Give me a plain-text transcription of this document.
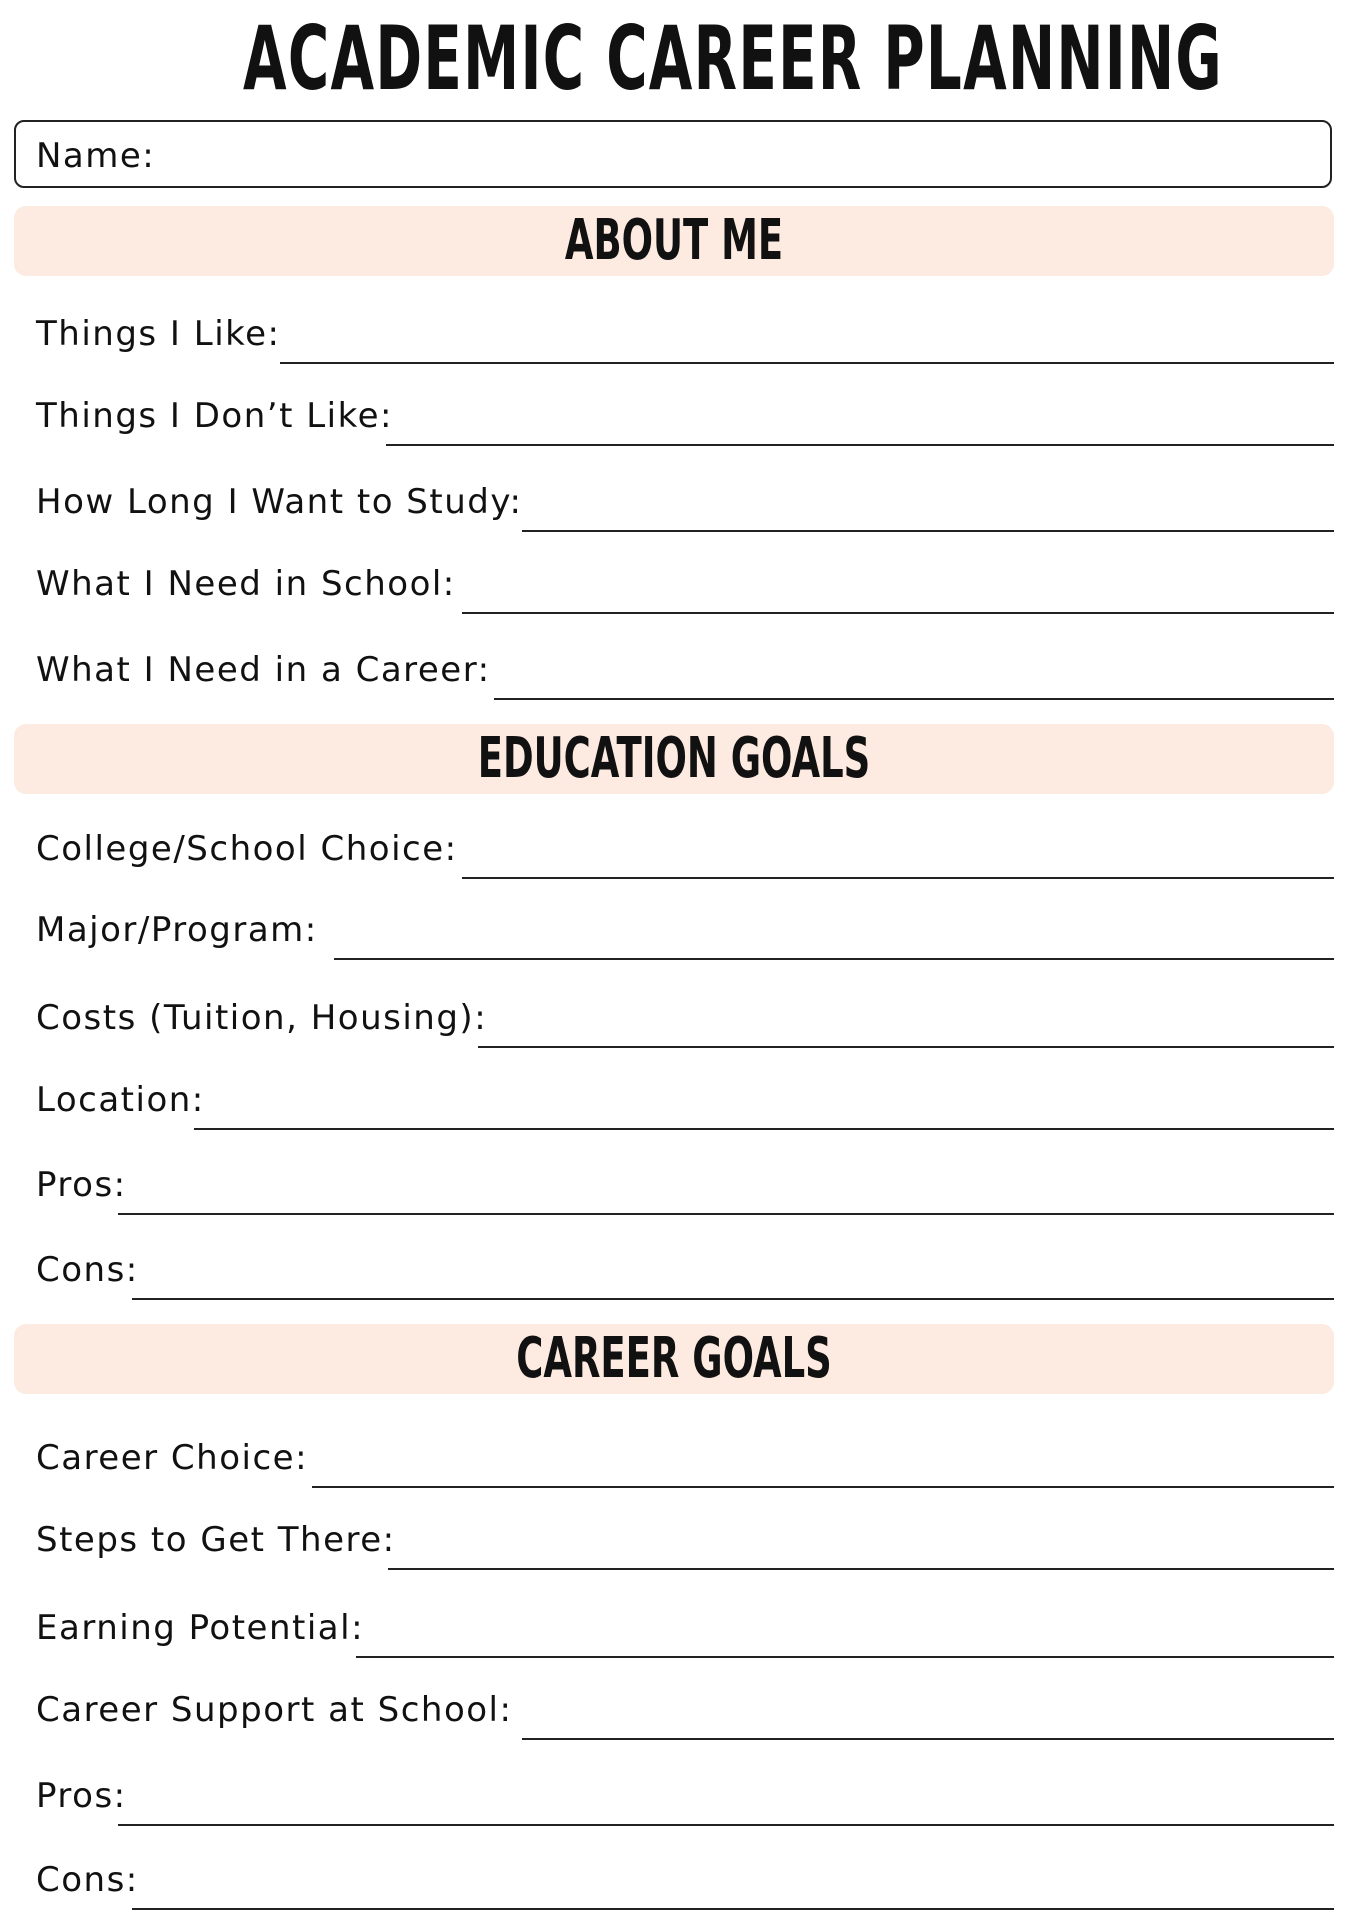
ACADEMIC CAREER PLANNING
Name:
ABOUT ME
Things I Like:
Things I Don’t Like:
How Long I Want to Study:
What I Need in School:
What I Need in a Career:
EDUCATION GOALS
College/School Choice:
Major/Program:
Costs (Tuition, Housing):
Location:
Pros:
Cons:
CAREER GOALS
Career Choice:
Steps to Get There:
Earning Potential:
Career Support at School:
Pros:
Cons:
